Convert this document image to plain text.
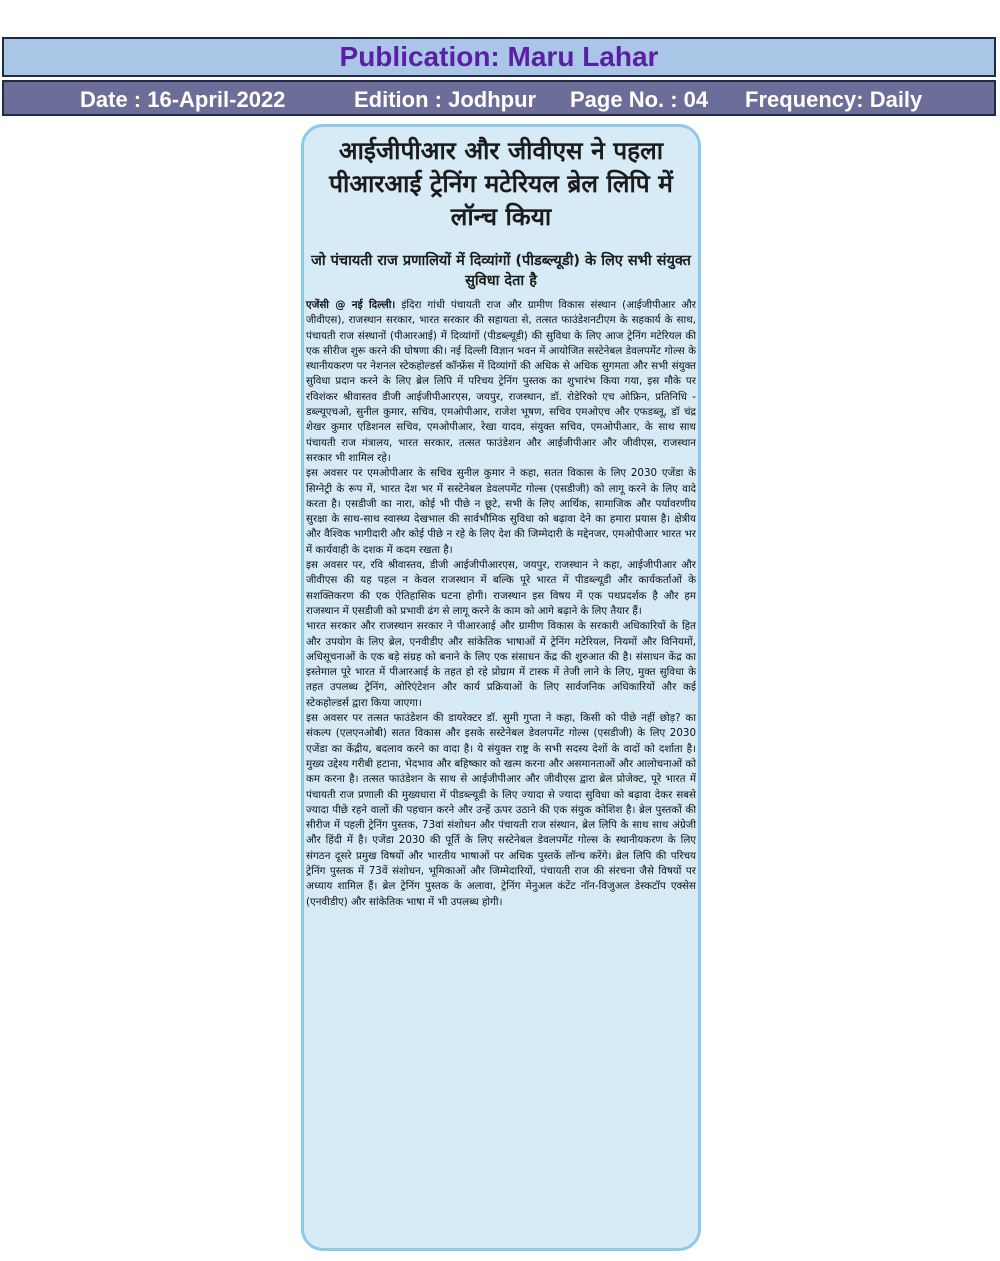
Publication: Maru Lahar
Date : 16-April-2022	Edition : Jodhpur Page No. : 04 Frequency: Daily
आईजीपीआर और जीवीएस ने पहला पीआरआई ट्रेनिंग मटेरियल ब्रेल लिपि में लॉन्च किया
जो पंचायती राज प्रणालियों में दिव्यांगों (पीडब्ल्यूडी) के लिए सभी संयुक्त सुविधा देता है

एजेंसी @ नई दिल्ली। इंदिरा गांधी पंचायती राज और ग्रामीण विकास संस्थान (आईजीपीआर और जीवीएस), राजस्थान सरकार, भारत सरकार की सहायता से, तत्सत फाउंडेशनटीएम के सहकार्य के साथ, पंचायती राज संस्थानों (पीआरआई) में दिव्यांगों (पीडब्ल्यूडी) की सुविधा के लिए आज ट्रेनिंग मटेरियल की एक सीरीज शुरू करने की घोषणा की। नई दिल्ली विज्ञान भवन में आयोजित सस्टेनेबल डेवलपमेंट गोल्स के स्थानीयकरण पर नेशनल स्टेकहोल्डर्स कॉन्फ्रेंस में दिव्यांगों की अधिक से अधिक सुगमता और सभी संयुक्त सुविधा प्रदान करने के लिए ब्रेल लिपि में परिचय ट्रेनिंग पुस्तक का शुभारंभ किया गया, इस मौके पर रविशंकर श्रीवास्तव डीजी आईजीपीआरएस, जयपुर, राजस्थान, डॉ. रोडेरिको एच ओफ्रिन, प्रतिनिधि - डब्ल्यूएचओ, सुनील कुमार, सचिव, एमओपीआर, राजेश भूषण, सचिव एमओएच और एफडब्लू, डॉ चंद्र शेखर कुमार एडिशनल सचिव, एमओपीआर, रेखा यादव, संयुक्त सचिव, एमओपीआर, के साथ साथ पंचायती राज मंत्रालय, भारत सरकार, तत्सत फाउंडेशन और आईजीपीआर और जीवीएस, राजस्थान सरकार भी शामिल रहे।

इस अवसर पर एमओपीआर के सचिव सुनील कुमार ने कहा, सतत विकास के लिए 2030 एजेंडा के सिग्नेट्री के रूप में, भारत देश भर में सस्टेनेबल डेवलपमेंट गोल्स (एसडीजी) को लागू करने के लिए वादे करता है। एसडीजी का नारा, कोई भी पीछे न छूटे, सभी के लिए आर्थिक, सामाजिक और पर्यावरणीय सुरक्षा के साथ-साथ स्वास्थ्य देखभाल की सार्वभौमिक सुविधा को बढ़ावा देने का हमारा प्रयास है। क्षेत्रीय और वैश्विक भागीदारी और कोई पीछे न रहे के लिए देश की जिम्मेदारी के मद्देनजर, एमओपीआर भारत भर में कार्यवाही के दशक में कदम रखता है।

इस अवसर पर, रवि श्रीवास्तव, डीजी आईजीपीआरएस, जयपुर, राजस्थान ने कहा, आईजीपीआर और जीवीएस की यह पहल न केवल राजस्थान में बल्कि पूरे भारत में पीडब्ल्यूडी और कार्यकर्ताओं के सशक्तिकरण की एक ऐतिहासिक घटना होगी। राजस्थान इस विषय में एक पथप्रदर्शक है और हम राजस्थान में एसडीजी को प्रभावी ढंग से लागू करने के काम को आगे बढ़ाने के लिए तैयार हैं।

भारत सरकार और राजस्थान सरकार ने पीआरआई और ग्रामीण विकास के सरकारी अधिकारियों के हित और उपयोग के लिए ब्रेल, एनवीडीए और सांकेतिक भाषाओं में ट्रेनिंग मटेरियल, नियमों और विनियमों, अधिसूचनाओं के एक बड़े संग्रह को बनाने के लिए एक संसाधन केंद्र की शुरुआत की है। संसाधन केंद्र का इस्तेमाल पूरे भारत में पीआरआई के तहत हो रहे प्रोग्राम में टास्क में तेजी लाने के लिए, मुक्त सुविधा के तहत उपलब्ध ट्रेनिंग, ओरिएंटेशन और कार्य प्रक्रियाओं के लिए सार्वजनिक अधिकारियों और कई स्टेकहोल्डर्स द्वारा किया जाएगा।

इस अवसर पर तत्सत फाउंडेशन की डायरेक्टर डॉ. सुमी गुप्ता ने कहा, किसी को पीछे नहीं छोड़? का संकल्प (एलएनओबी) सतत विकास और इसके सस्टेनेबल डेवलपमेंट गोल्स (एसडीजी) के लिए 2030 एजेंडा का केंद्रीय, बदलाव करने का वादा है। ये संयुक्त राष्ट्र के सभी सदस्य देशों के वादों को दर्शाता है। मुख्य उद्देश्य गरीबी हटाना, भेदभाव और बहिष्कार को खत्म करना और असमानताओं और आलोचनाओं को कम करना है। तत्सत फाउंडेशन के साथ से आईजीपीआर और जीवीएस द्वारा ब्रेल प्रोजेक्ट, पूरे भारत में पंचायती राज प्रणाली की मुख्यधारा में पीडब्ल्यूडी के लिए ज्यादा से ज्यादा सुविधा को बढ़ावा देकर सबसे ज्यादा पीछे रहने वालों की पहचान करने और उन्हें ऊपर उठाने की एक संयुक कोशिश है। ब्रेल पुस्तकों की सीरीज में पहली ट्रेनिंग पुस्तक, 73वां संशोधन और पंचायती राज संस्थान, ब्रेल लिपि के साथ साथ अंग्रेजी और हिंदी में है। एजेंडा 2030 की पूर्ति के लिए सस्टेनेबल डेवलपमेंट गोल्स के स्थानीयकरण के लिए संगठन दूसरे प्रमुख विषयों और भारतीय भाषाओं पर अधिक पुस्तकें लॉन्च करेंगे। ब्रेल लिपि की परिचय ट्रेनिंग पुस्तक में 73वें संशोधन, भूमिकाओं और जिम्मेदारियों, पंचायती राज की संरचना जैसे विषयों पर अध्याय शामिल हैं। ब्रेल ट्रेनिंग पुस्तक के अलावा, ट्रेनिंग मेनुअल कंटेंट नॉन-विजुअल डेस्कटॉप एक्सेस (एनवीडीए) और सांकेतिक भाषा में भी उपलब्ध होगी।
